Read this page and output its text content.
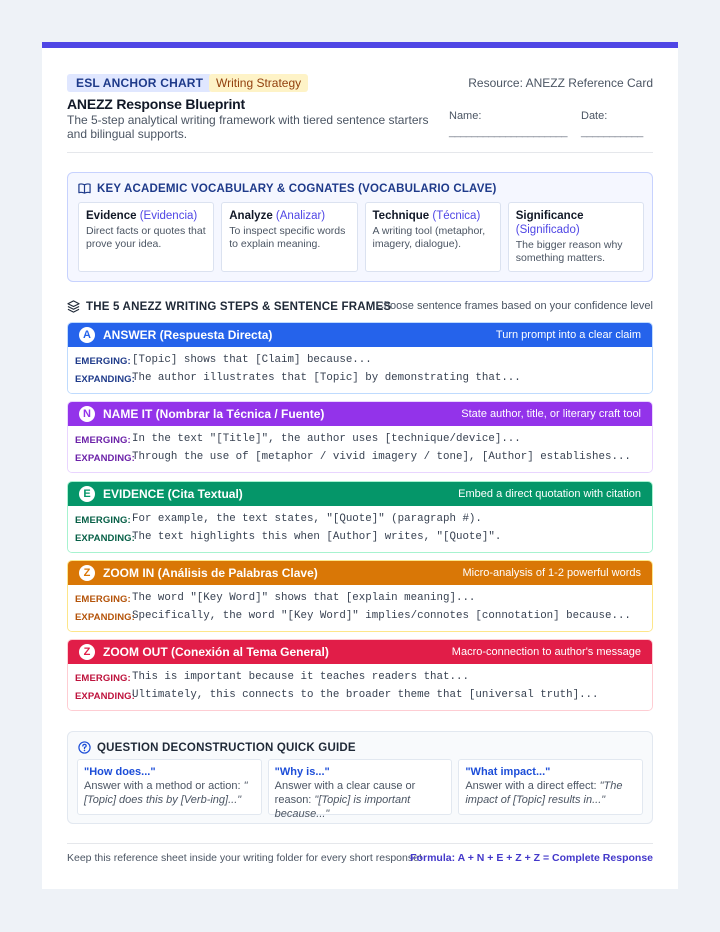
ESL ANCHOR CHART	Writing Strategy	Resource: ANEZZ Reference Card
ANEZZ Response Blueprint
The 5-step analytical writing framework with tiered sentence starters and bilingual supports.
Name:
_____________________
Date:
___________
KEY ACADEMIC VOCABULARY & COGNATES (VOCABULARIO CLAVE)
Evidence (Evidencia)
Direct facts or quotes that prove your idea.
Analyze (Analizar)
To inspect specific words to explain meaning.
Technique (Técnica)
A writing tool (metaphor, imagery, dialogue).
Significance (Significado)
The bigger reason why something matters.
THE 5 ANEZZ WRITING STEPS & SENTENCE FRAMES
Choose sentence frames based on your confidence level
A	ANSWER (Respuesta Directa)	Turn prompt into a clear claim
EMERGING: [Topic] shows that [Claim] because...
EXPANDING:
The author illustrates that [Topic] by demonstrating that...
N	NAME IT (Nombrar la Técnica / Fuente)	State author, title, or literary craft tool
EMERGING: In the text "[Title]", the author uses [technique/device]...
EXPANDING:
Through the use of [metaphor / vivid imagery / tone], [Author] establishes...
E	EVIDENCE (Cita Textual)	Embed a direct quotation with citation
EMERGING: For example, the text states, "[Quote]" (paragraph #).
EXPANDING:
The text highlights this when [Author] writes, "[Quote]".
Z	ZOOM IN (Análisis de Palabras Clave)	Micro-analysis of 1-2 powerful words
EMERGING: The word "[Key Word]" shows that [explain meaning]...
EXPANDING:
Specifically, the word "[Key Word]" implies/connotes [connotation] because...
Z	ZOOM OUT (Conexión al Tema General)	Macro-connection to author's message
EMERGING: This is important because it teaches readers that...
EXPANDING:
Ultimately, this connects to the broader theme that [universal truth]...
QUESTION DECONSTRUCTION QUICK GUIDE
"How does..."
Answer with a method or action: "[Topic] does this by [Verb-ing]..."
"Why is..."
Answer with a clear cause or reason: "[Topic] is important because..."
"What impact..."
Answer with a direct effect: "The impact of [Topic] results in..."
Keep this reference sheet inside your writing folder for every short response!
Formula: A + N + E + Z + Z = Complete Response
